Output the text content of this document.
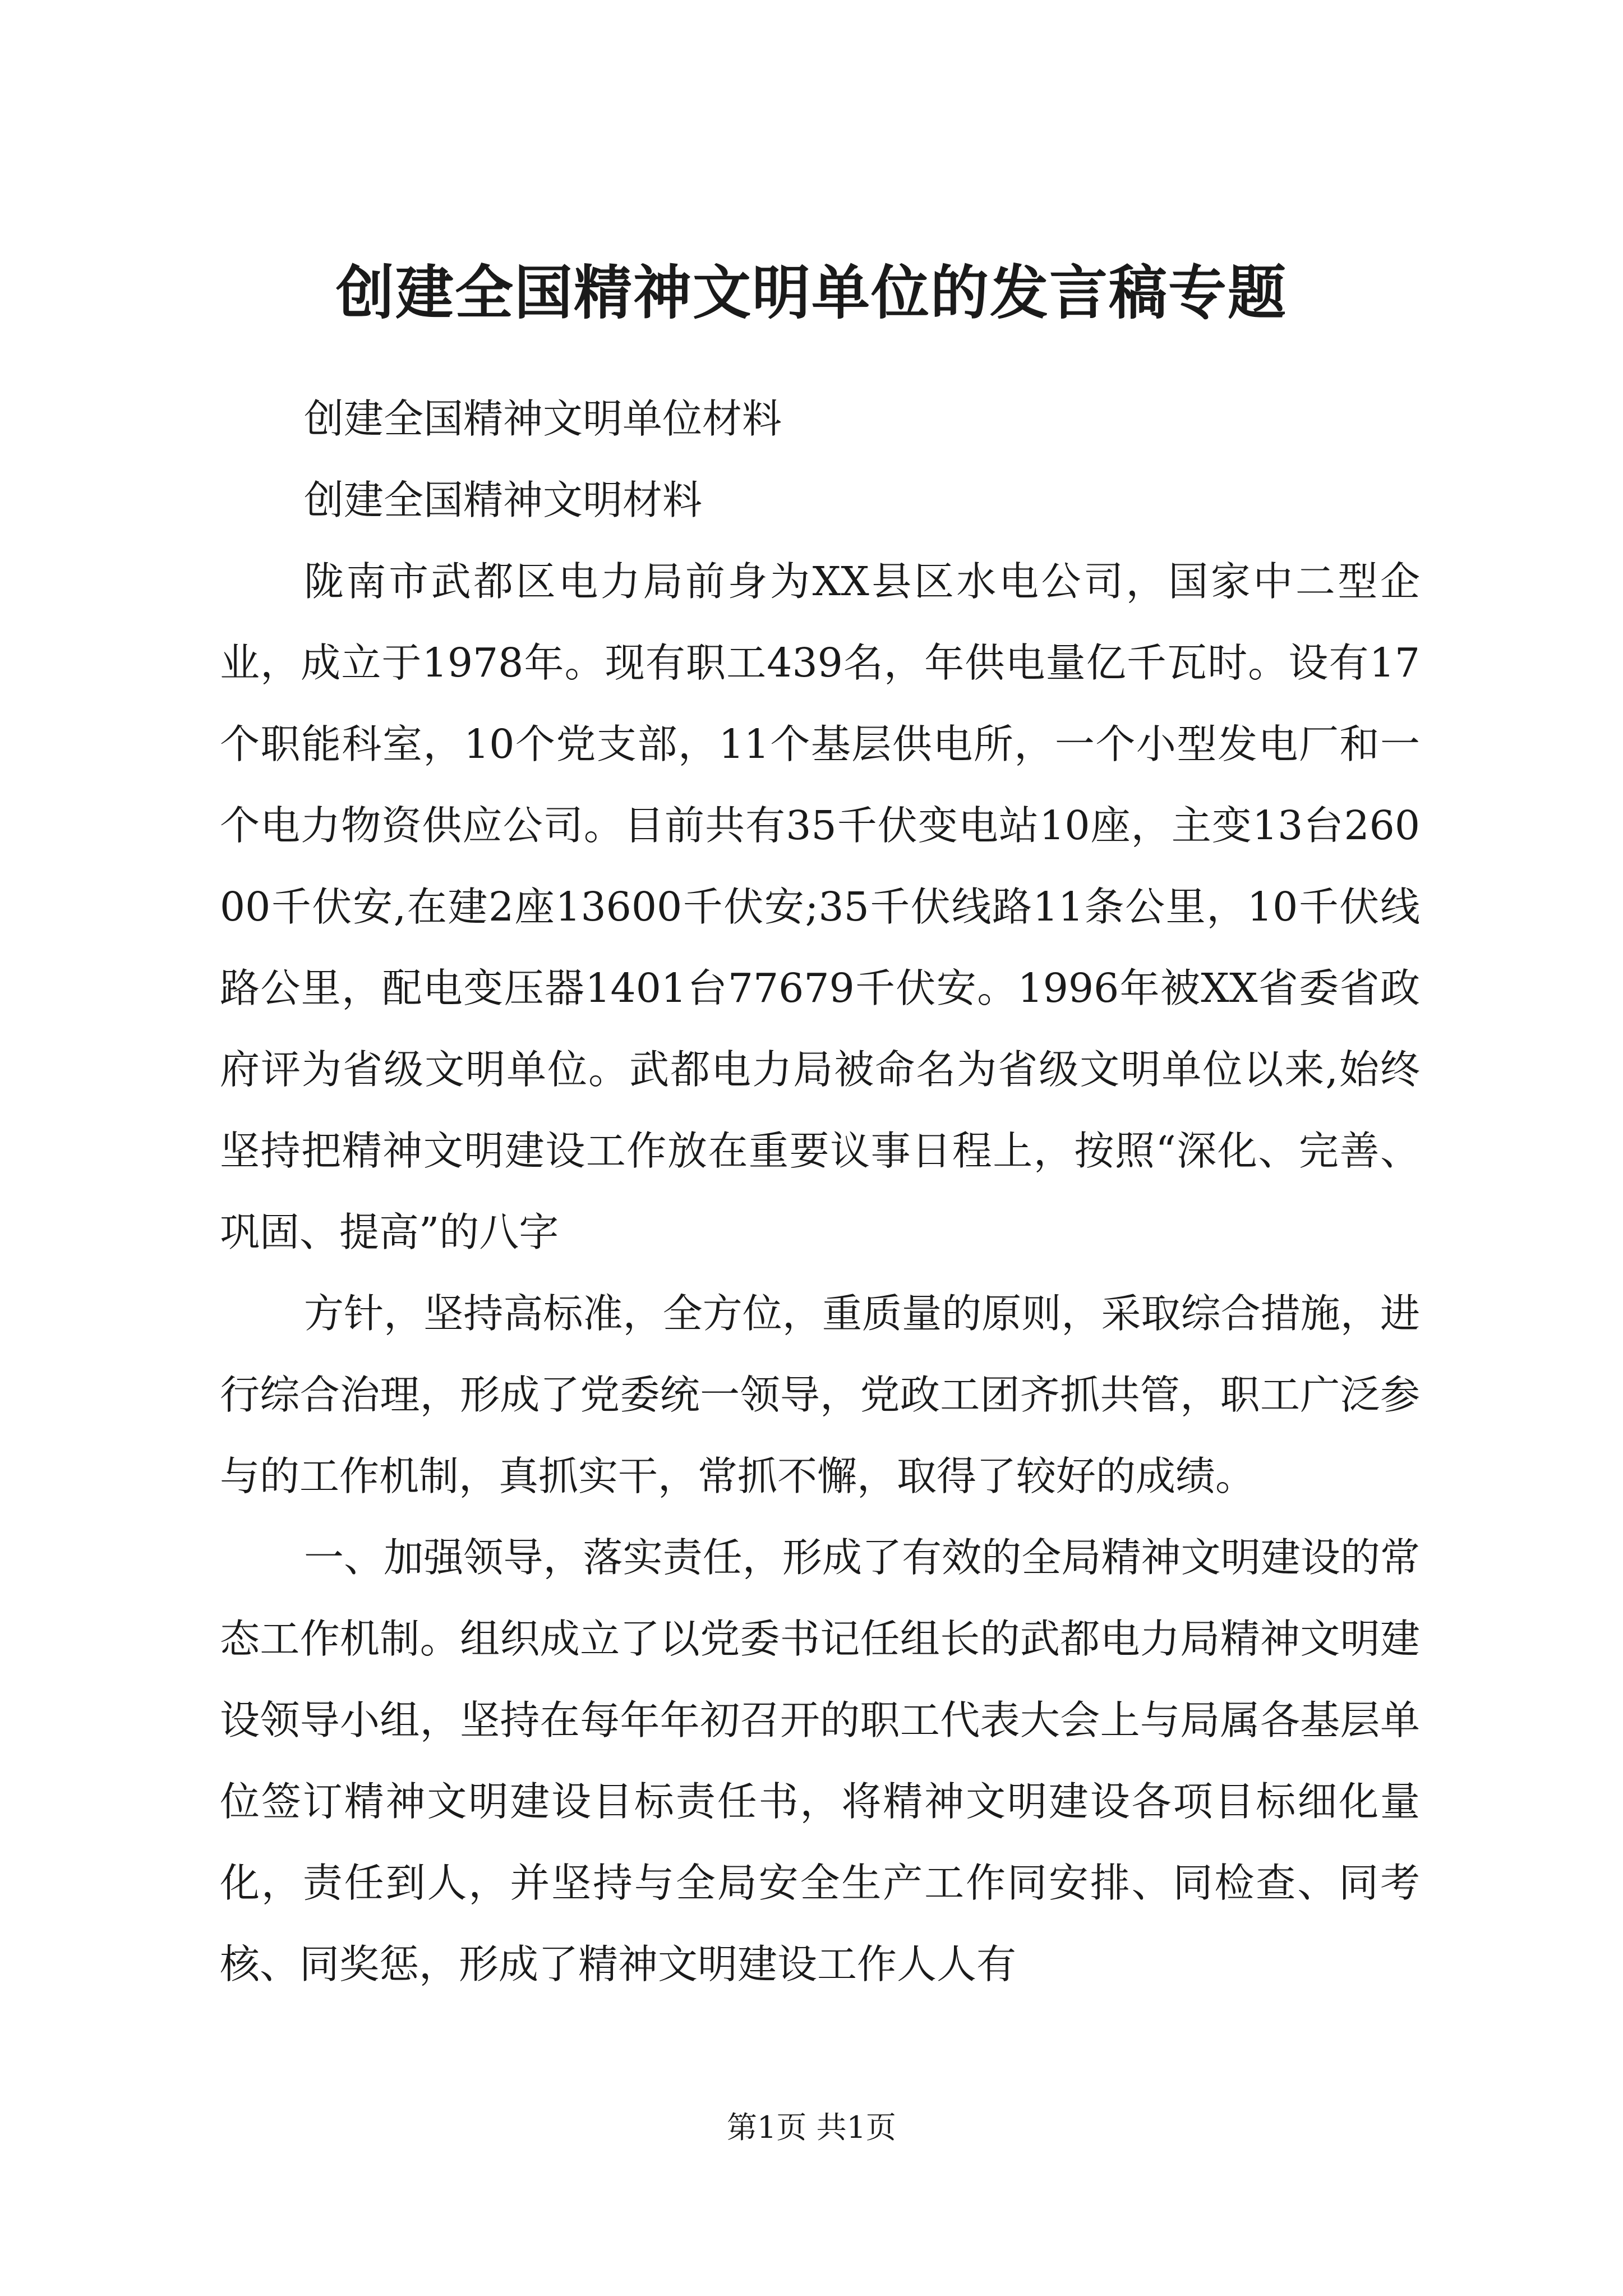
创建全国精神文明单位的发言稿专题

创建全国精神文明单位材料

创建全国精神文明材料

陇南市武都区电力局前身为XX县区水电公司，国家中二型企业，成立于1978年。现有职工439名，年供电量亿千瓦时。设有17个职能科室，10个党支部，11个基层供电所，一个小型发电厂和一个电力物资供应公司。目前共有35千伏变电站10座，主变13台26000千伏安,在建2座13600千伏安;35千伏线路11条公里，10千伏线路公里，配电变压器1401台77679千伏安。1996年被XX省委省政府评为省级文明单位。武都电力局被命名为省级文明单位以来,始终坚持把精神文明建设工作放在重要议事日程上，按照“深化、完善、巩固、提高”的八字

方针，坚持高标准，全方位，重质量的原则，采取综合措施，进行综合治理，形成了党委统一领导，党政工团齐抓共管，职工广泛参与的工作机制，真抓实干，常抓不懈，取得了较好的成绩。

一、加强领导，落实责任，形成了有效的全局精神文明建设的常态工作机制。组织成立了以党委书记任组长的武都电力局精神文明建设领导小组，坚持在每年年初召开的职工代表大会上与局属各基层单位签订精神文明建设目标责任书，将精神文明建设各项目标细化量化，责任到人，并坚持与全局安全生产工作同安排、同检查、同考核、同奖惩，形成了精神文明建设工作人人有

第1页 共1页
